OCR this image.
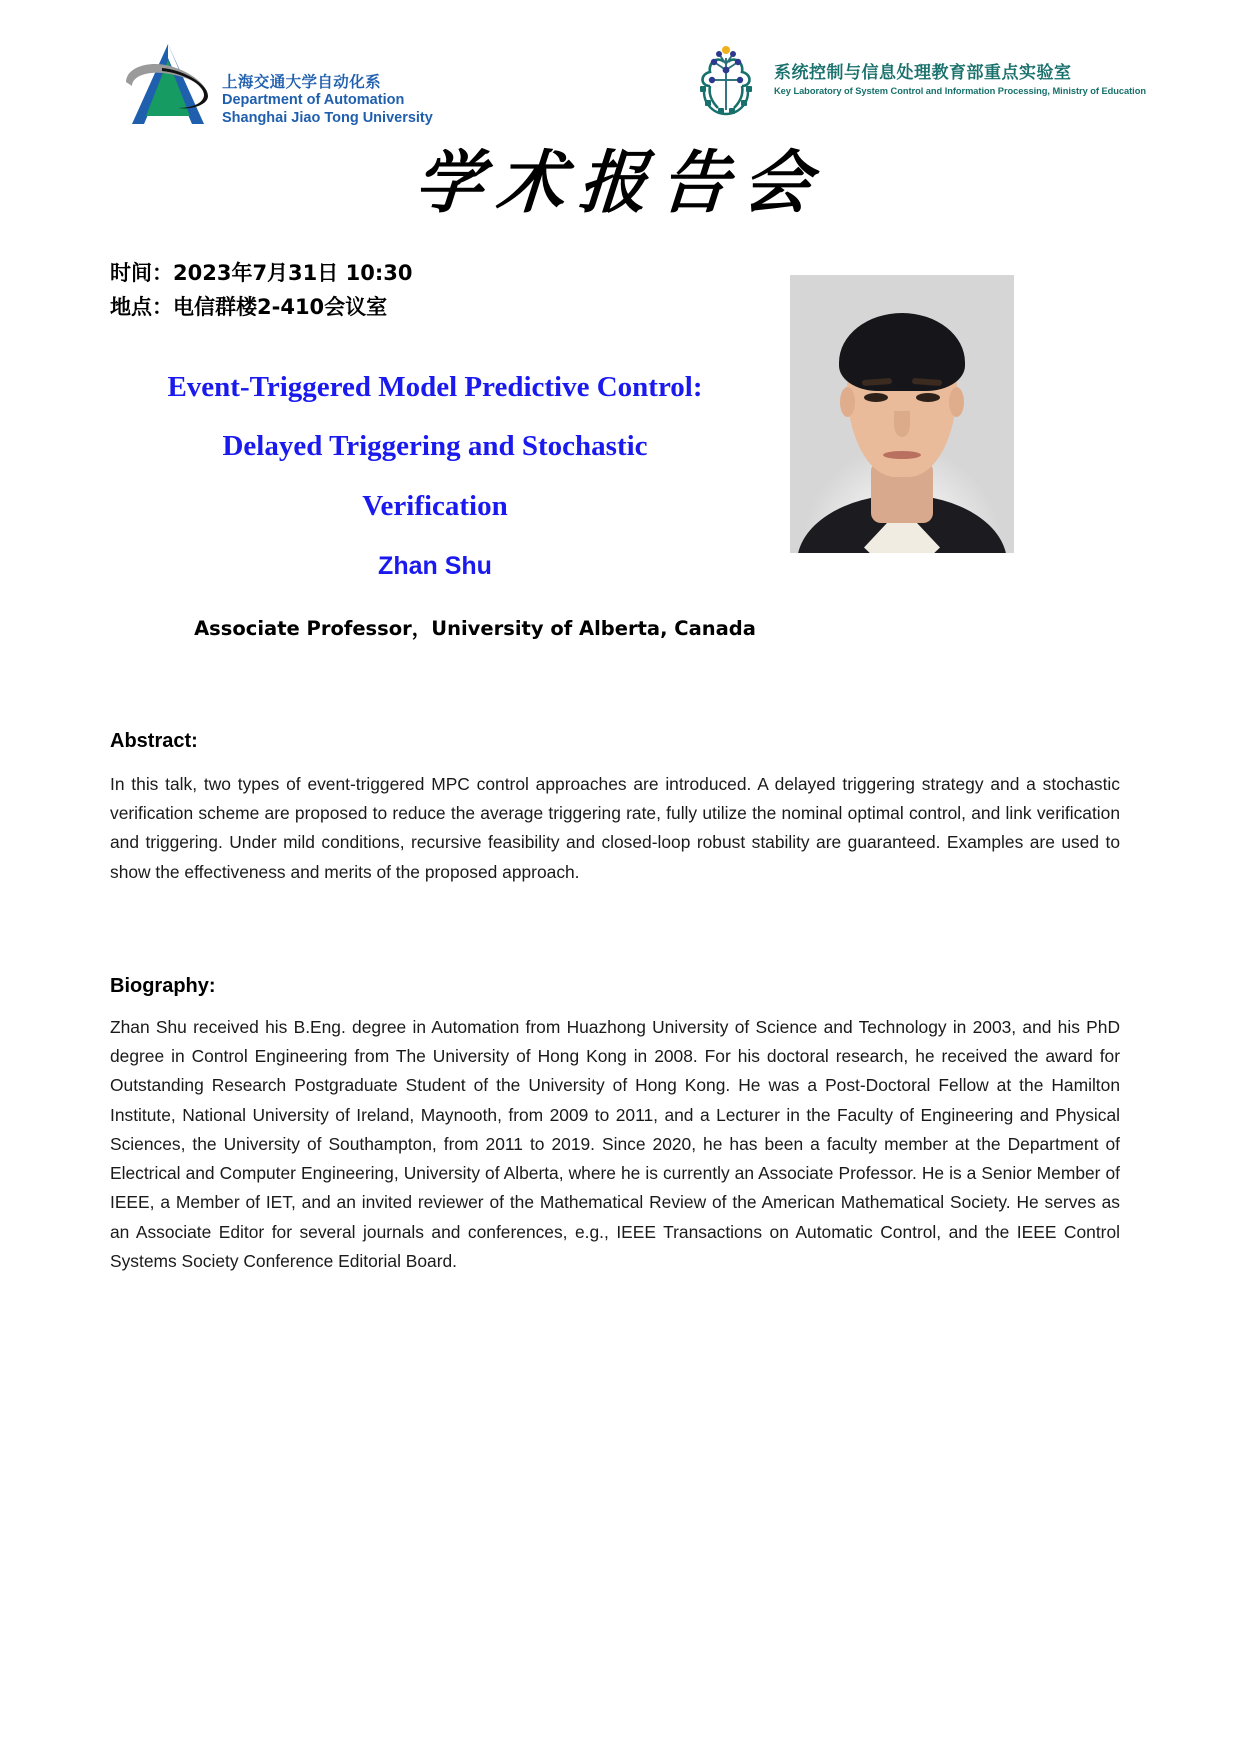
上海交通大学自动化系
Department of Automation
Shanghai Jiao Tong University
系统控制与信息处理教育部重点实验室
Key Laboratory of System Control and Information Processing, Ministry of Education
学术报告会
时间：2023年7月31日 10:30
地点：电信群楼2-410会议室
Event-Triggered Model Predictive Control:
Delayed Triggering and Stochastic
Verification
Zhan Shu
Associate Professor，University of Alberta, Canada
Abstract:
In this talk, two types of event-triggered MPC control approaches are introduced. A delayed triggering strategy and a stochastic verification scheme are proposed to reduce the average triggering rate, fully utilize the nominal optimal control, and link verification and triggering. Under mild conditions, recursive feasibility and closed-loop robust stability are guaranteed. Examples are used to show the effectiveness and merits of the proposed approach.
Biography:
Zhan Shu received his B.Eng. degree in Automation from Huazhong University of Science and Technology in 2003, and his PhD degree in Control Engineering from The University of Hong Kong in 2008. For his doctoral research, he received the award for Outstanding Research Postgraduate Student of the University of Hong Kong. He was a Post-Doctoral Fellow at the Hamilton Institute, National University of Ireland, Maynooth, from 2009 to 2011, and a Lecturer in the Faculty of Engineering and Physical Sciences, the University of Southampton, from 2011 to 2019. Since 2020, he has been a faculty member at the Department of Electrical and Computer Engineering, University of Alberta, where he is currently an Associate Professor. He is a Senior Member of IEEE, a Member of IET, and an invited reviewer of the Mathematical Review of the American Mathematical Society. He serves as an Associate Editor for several journals and conferences, e.g., IEEE Transactions on Automatic Control, and the IEEE Control Systems Society Conference Editorial Board.
